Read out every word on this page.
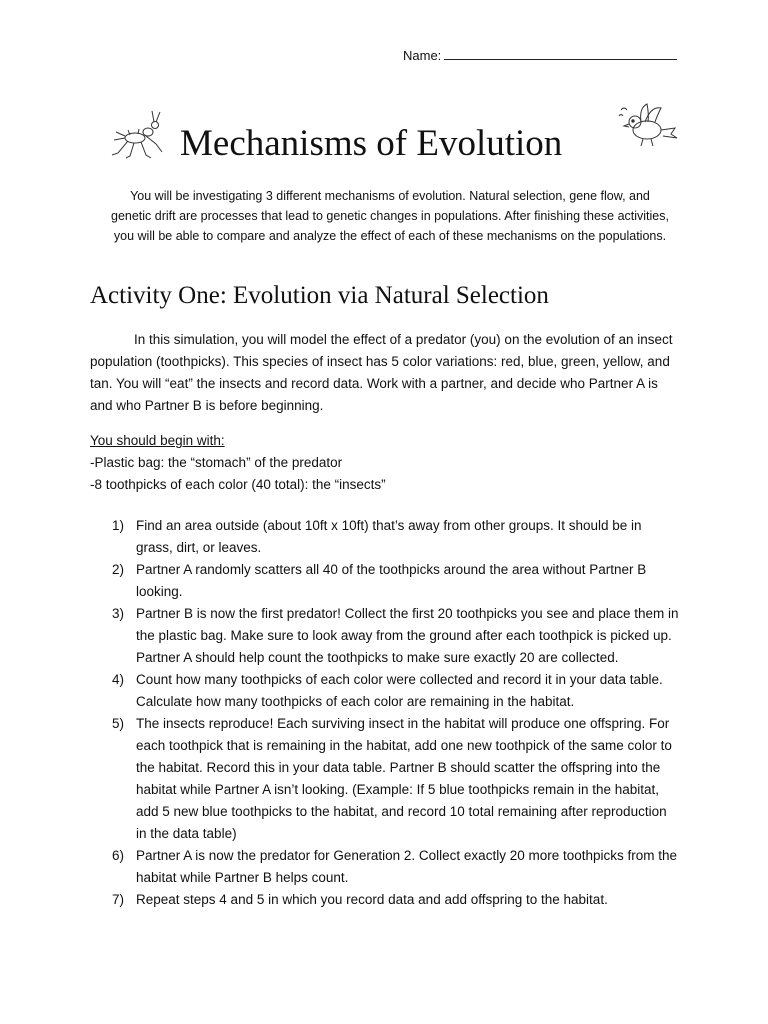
Name:
Mechanisms of Evolution
You will be investigating 3 different mechanisms of evolution. Natural selection, gene flow, and genetic drift are processes that lead to genetic changes in populations. After finishing these activities, you will be able to compare and analyze the effect of each of these mechanisms on the populations.
Activity One: Evolution via Natural Selection
In this simulation, you will model the effect of a predator (you) on the evolution of an insect population (toothpicks). This species of insect has 5 color variations: red, blue, green, yellow, and tan. You will “eat” the insects and record data. Work with a partner, and decide who Partner A is and who Partner B is before beginning.
You should begin with:
-Plastic bag: the “stomach” of the predator
-8 toothpicks of each color (40 total): the “insects”
1) Find an area outside (about 10ft x 10ft) that’s away from other groups. It should be in grass, dirt, or leaves.
2) Partner A randomly scatters all 40 of the toothpicks around the area without Partner B looking.
3) Partner B is now the first predator! Collect the first 20 toothpicks you see and place them in the plastic bag. Make sure to look away from the ground after each toothpick is picked up. Partner A should help count the toothpicks to make sure exactly 20 are collected.
4) Count how many toothpicks of each color were collected and record it in your data table. Calculate how many toothpicks of each color are remaining in the habitat.
5) The insects reproduce! Each surviving insect in the habitat will produce one offspring. For each toothpick that is remaining in the habitat, add one new toothpick of the same color to the habitat. Record this in your data table. Partner B should scatter the offspring into the habitat while Partner A isn’t looking. (Example: If 5 blue toothpicks remain in the habitat, add 5 new blue toothpicks to the habitat, and record 10 total remaining after reproduction in the data table)
6) Partner A is now the predator for Generation 2. Collect exactly 20 more toothpicks from the habitat while Partner B helps count.
7) Repeat steps 4 and 5 in which you record data and add offspring to the habitat.
